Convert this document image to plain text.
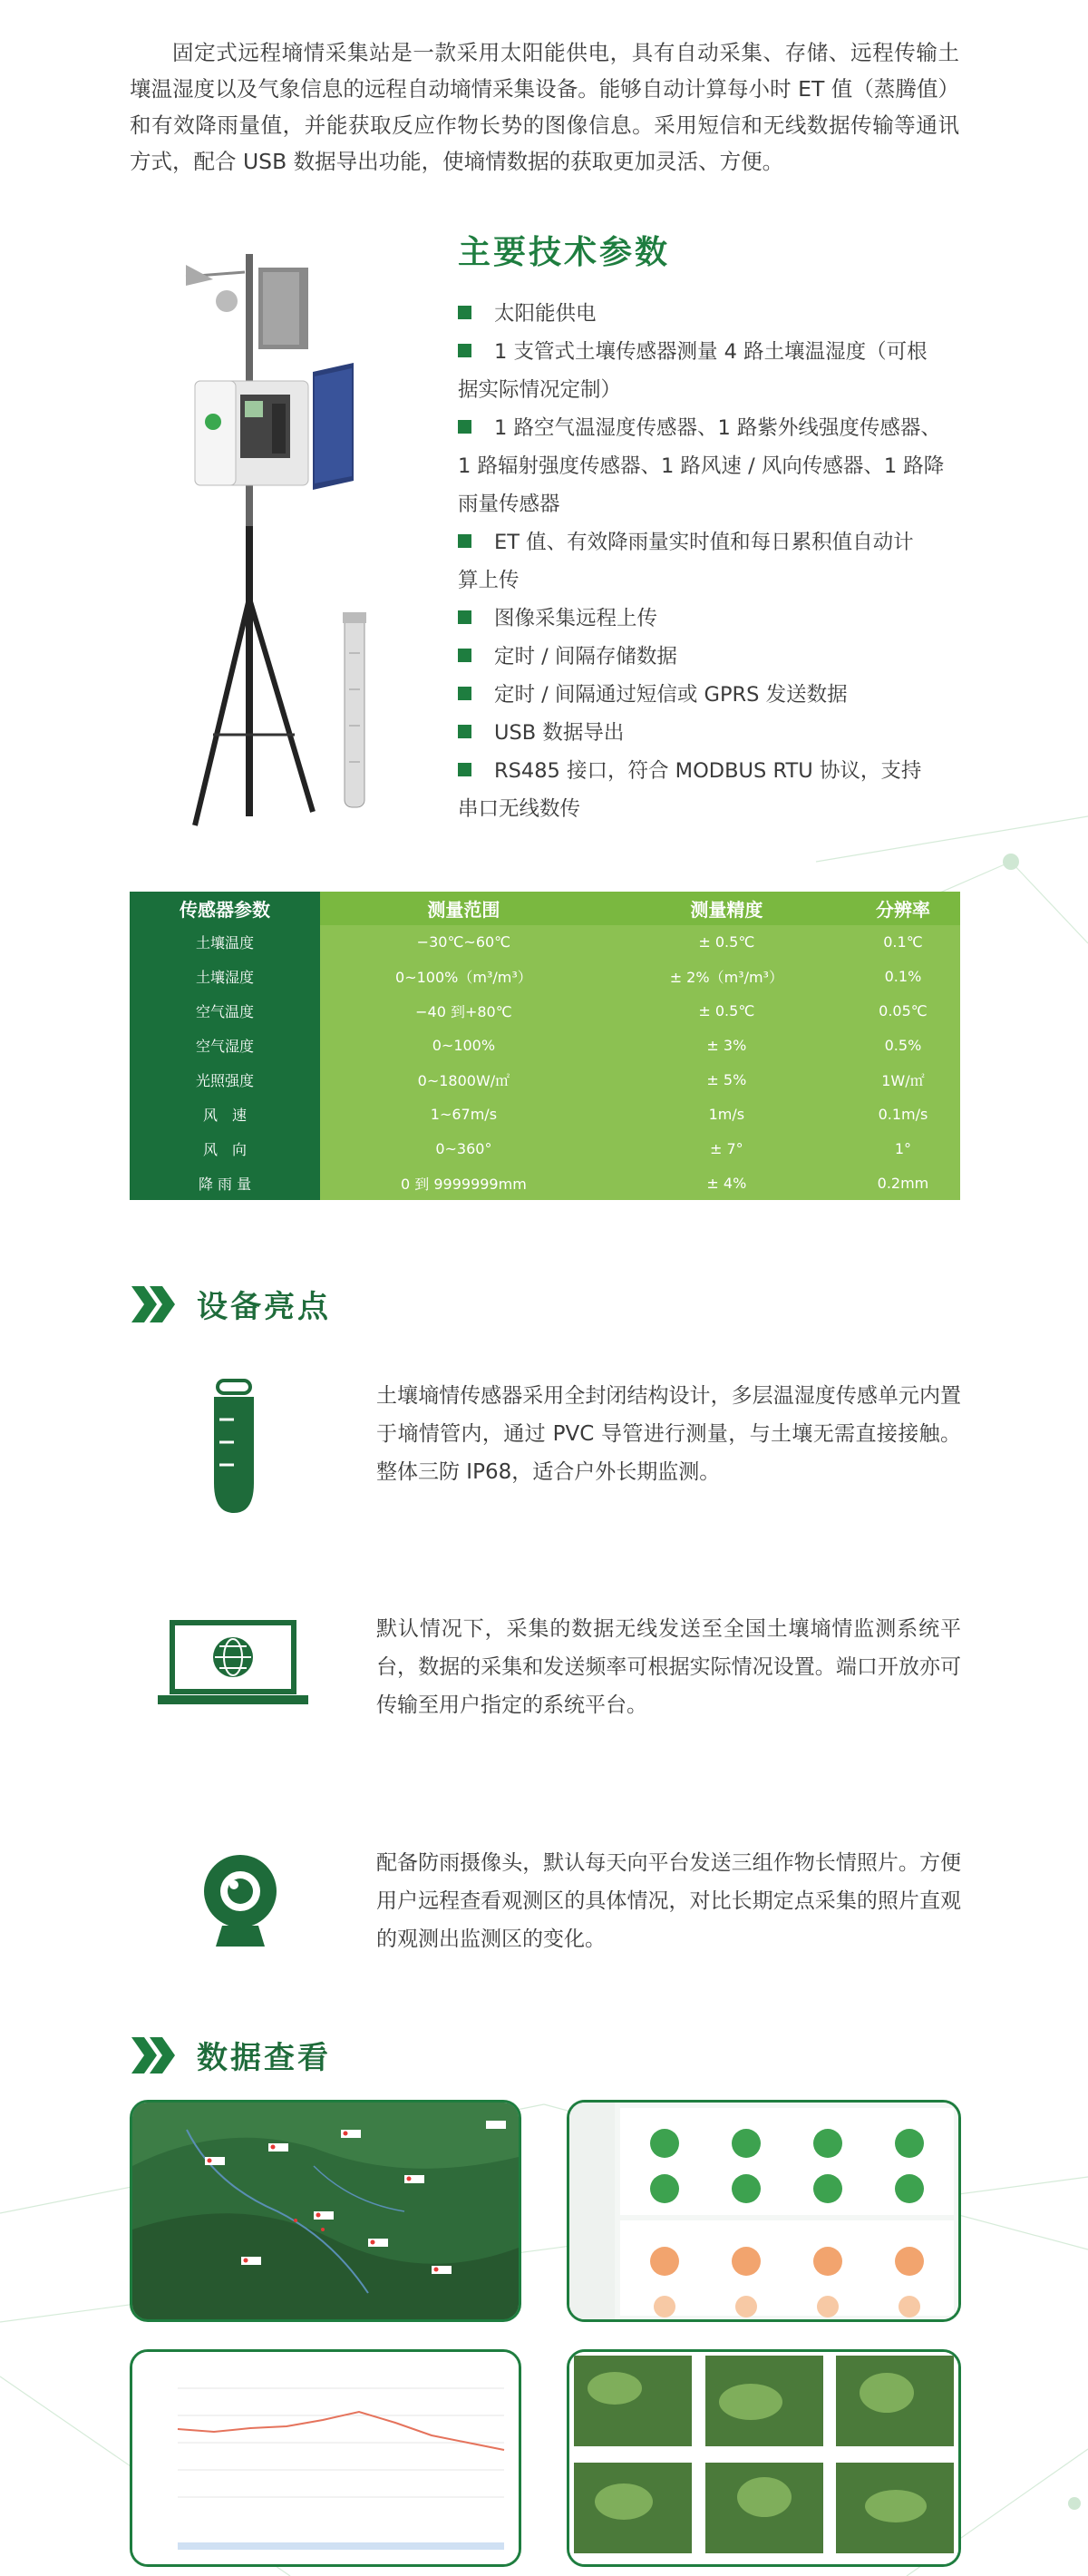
固定式远程墒情采集站是一款采用太阳能供电，具有自动采集、存储、远程传输土壤温湿度以及气象信息的远程自动墒情采集设备。能够自动计算每小时 ET 值（蒸腾值）和有效降雨量值，并能获取反应作物长势的图像信息。采用短信和无线数据传输等通讯方式，配合 USB 数据导出功能，使墒情数据的获取更加灵活、方便。

主要技术参数
太阳能供电
1 支管式土壤传感器测量 4 路土壤温湿度（可根
据实际情况定制）
1 路空气温湿度传感器、1 路紫外线强度传感器、
1 路辐射强度传感器、1 路风速 / 风向传感器、1 路降雨量传感器
ET 值、有效降雨量实时值和每日累积值自动计
算上传
图像采集远程上传
定时 / 间隔存储数据
定时 / 间隔通过短信或 GPRS 发送数据
USB 数据导出
RS485 接口，符合 MODBUS RTU 协议，支持
串口无线数传
传感器参数	测量范围	测量精度	分辨率
土壤温度	−30℃~60℃	± 0.5℃	0.1℃
土壤湿度	0~100%（m³/m³）	± 2%（m³/m³）	0.1%
空气温度	−40 到+80℃	± 0.5℃	0.05℃
空气湿度	0~100%	± 3%	0.5%
光照强度	0~1800W/㎡	± 5%	1W/㎡
风　速	1~67m/s	1m/s	0.1m/s
风　向	0~360°	± 7°	1°
降 雨 量	0 到 9999999mm	± 4%	0.2mm
设备亮点
土壤墒情传感器采用全封闭结构设计，多层温湿度传感单元内置于墒情管内，通过 PVC 导管进行测量，与土壤无需直接接触。整体三防 IP68，适合户外长期监测。
默认情况下，采集的数据无线发送至全国土壤墒情监测系统平台，数据的采集和发送频率可根据实际情况设置。端口开放亦可传输至用户指定的系统平台。
配备防雨摄像头，默认每天向平台发送三组作物长情照片。方便用户远程查看观测区的具体情况，对比长期定点采集的照片直观的观测出监测区的变化。
数据查看
